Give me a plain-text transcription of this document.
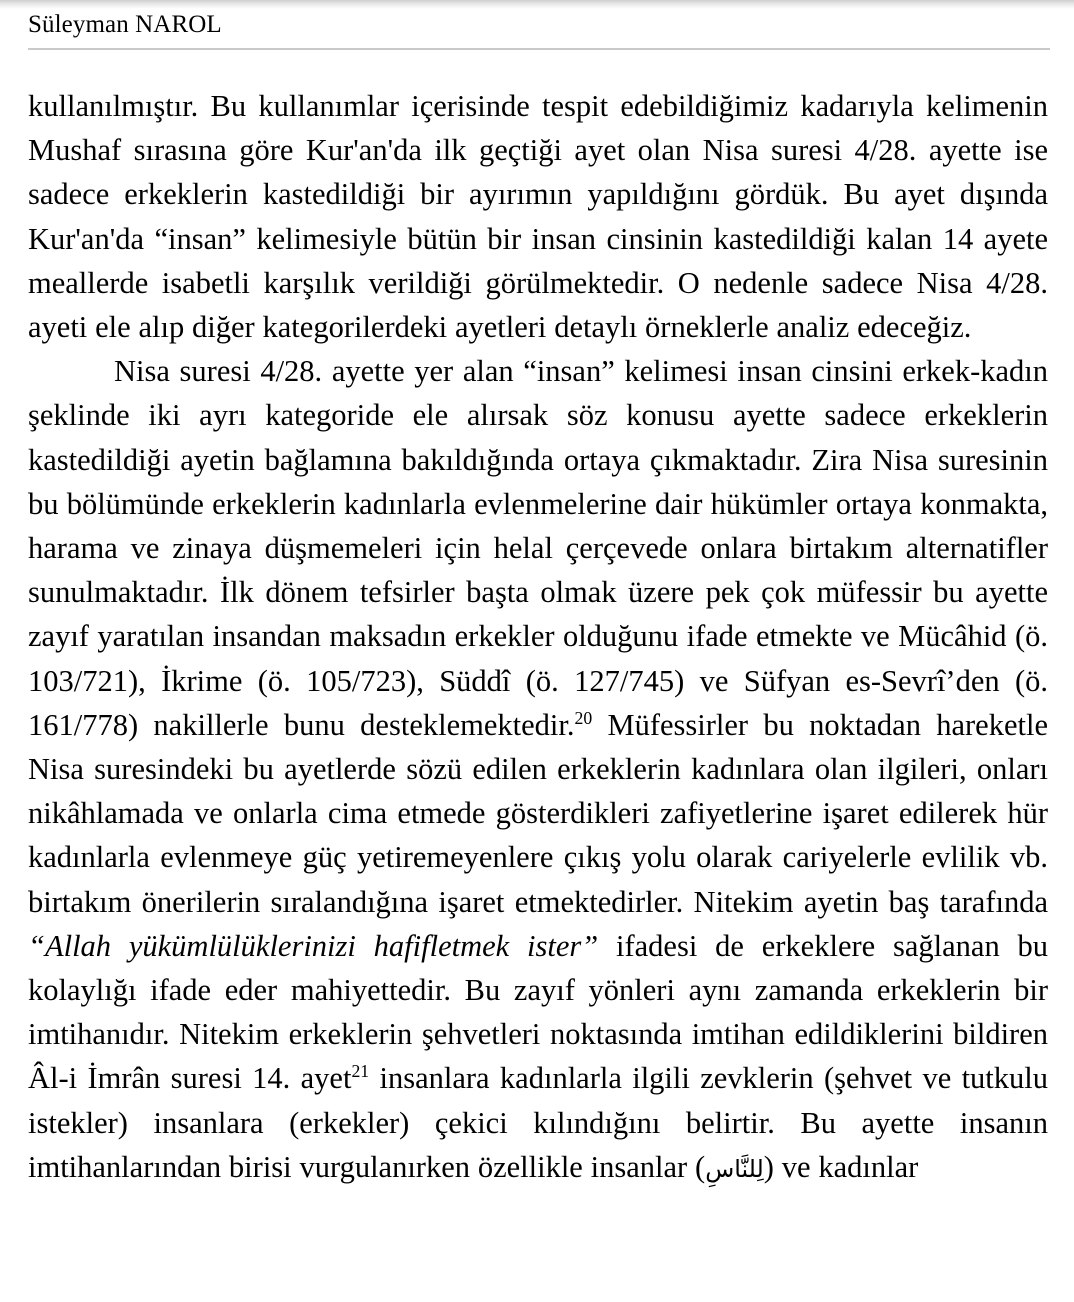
Süleyman NAROL

kullanılmıştır. Bu kullanımlar içerisinde tespit edebildiğimiz kadarıyla kelimenin Mushaf sırasına göre Kur'an'da ilk geçtiği ayet olan Nisa suresi 4/28. ayette ise sadece erkeklerin kastedildiği bir ayırımın yapıldığını gördük. Bu ayet dışında Kur'an'da “insan” kelimesiyle bütün bir insan cinsinin kastedildiği kalan 14 ayete meallerde isabetli karşılık verildiği görülmektedir. O nedenle sadece Nisa 4/28. ayeti ele alıp diğer kategorilerdeki ayetleri detaylı örneklerle analiz edeceğiz.

Nisa suresi 4/28. ayette yer alan “insan” kelimesi insan cinsini erkek-kadın şeklinde iki ayrı kategoride ele alırsak söz konusu ayette sadece erkeklerin kastedildiği ayetin bağlamına bakıldığında ortaya çıkmaktadır. Zira Nisa suresinin bu bölümünde erkeklerin kadınlarla evlenmelerine dair hükümler ortaya konmakta, harama ve zinaya düşmemeleri için helal çerçevede onlara birtakım alternatifler sunulmaktadır. İlk dönem tefsirler başta olmak üzere pek çok müfessir bu ayette zayıf yaratılan insandan maksadın erkekler olduğunu ifade etmekte ve Mücâhid (ö. 103/721), İkrime (ö. 105/723), Süddî (ö. 127/745) ve Süfyan es-Sevrî’den (ö. 161/778) nakillerle bunu desteklemektedir.$^{20}$ Müfessirler bu noktadan hareketle Nisa suresindeki bu ayetlerde sözü edilen erkeklerin kadınlara olan ilgileri, onları nikâhlamada ve onlarla cima etmede gösterdikleri zafiyetlerine işaret edilerek hür kadınlarla evlenmeye güç yetiremeyenlere çıkış yolu olarak cariyelerle evlilik vb. birtakım önerilerin sıralandığına işaret etmektedirler. Nitekim ayetin baş tarafında “Allah yükümlülüklerinizi hafifletmek ister” ifadesi de erkeklere sağlanan bu kolaylığı ifade eder mahiyettedir. Bu zayıf yönleri aynı zamanda erkeklerin bir imtihanıdır. Nitekim erkeklerin şehvetleri noktasında imtihan edildiklerini bildiren Âl-i İmrân suresi 14. ayet$^{21}$ insanlara kadınlarla ilgili zevklerin (şehvet ve tutkulu istekler) insanlara (erkekler) çekici kılındığını belirtir. Bu ayette insanın imtihanlarından birisi vurgulanırken özellikle insanlar (لِلنَّاسِ) ve kadınlar
